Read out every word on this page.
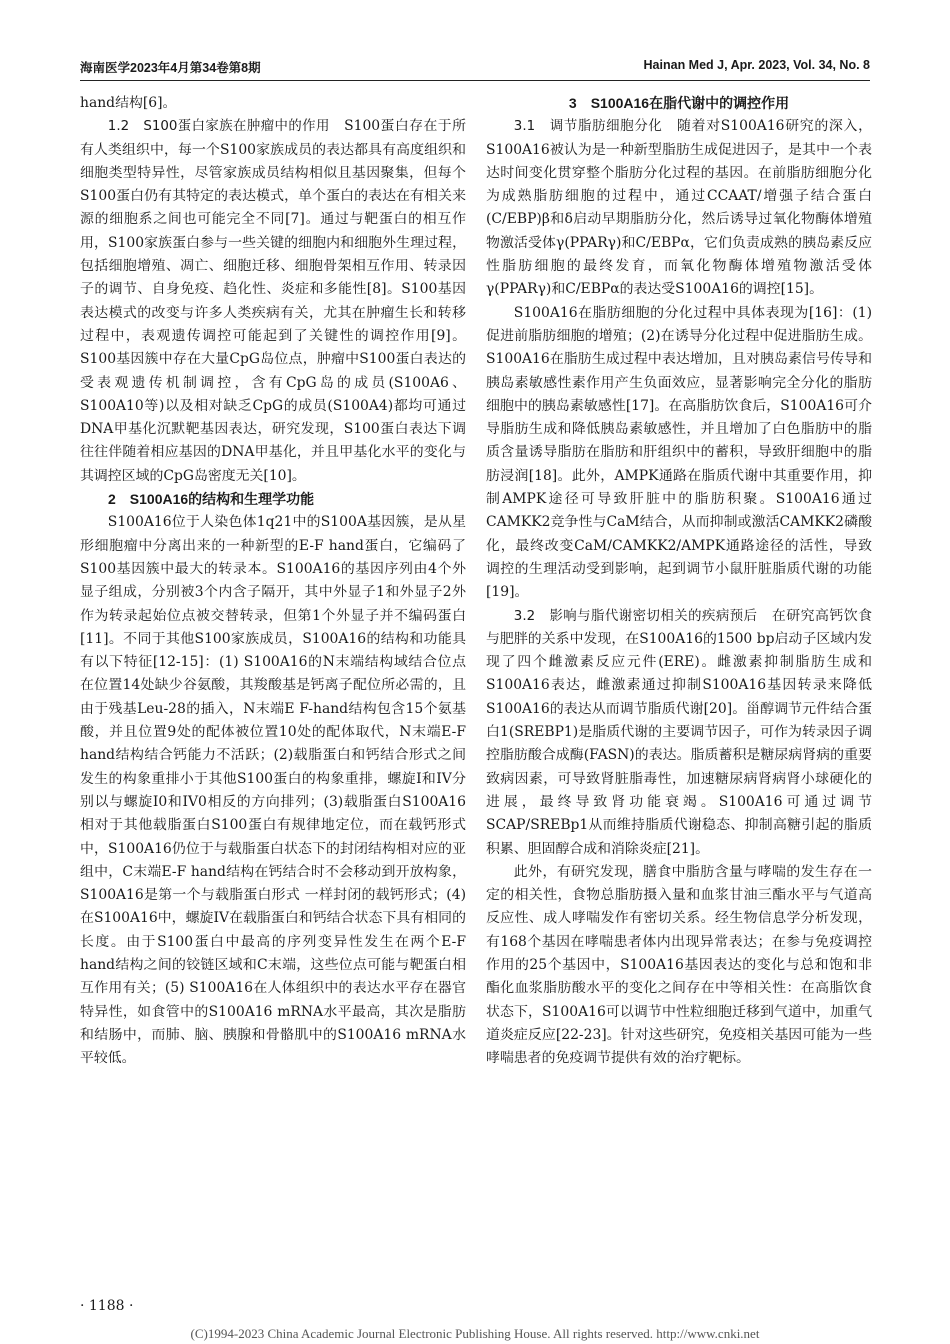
海南医学2023年4月第34卷第8期	Hainan Med J, Apr. 2023, Vol. 34, No. 8

hand结构[6]。

1.2　S100蛋白家族在肿瘤中的作用　 S100蛋白存在于所有人类组织中，每一个S100家族成员的表达都具有高度组织和细胞类型特异性，尽管家族成员结构相似且基因聚集，但每个S100蛋白仍有其特定的表达模式，单个蛋白的表达在有相关来源的细胞系之间也可能完全不同[7]。通过与靶蛋白的相互作用，S100家族蛋白参与一些关键的细胞内和细胞外生理过程，包括细胞增殖、凋亡、细胞迁移、细胞骨架相互作用、转录因子的调节、自身免疫、趋化性、炎症和多能性[8]。S100基因表达模式的改变与许多人类疾病有关，尤其在肿瘤生长和转移过程中，表观遗传调控可能起到了关键性的调控作用[9]。S100基因簇中存在大量CpG岛位点，肿瘤中S100蛋白表达的受表观遗传机制调控，含有CpG岛的成员(S100A6、S100A10等)以及相对缺乏CpG的成员(S100A4)都均可通过DNA甲基化沉默靶基因表达，研究发现，S100蛋白表达下调往往伴随着相应基因的DNA甲基化，并且甲基化水平的变化与其调控区域的CpG岛密度无关[10]。

2　S100A16的结构和生理学功能

S100A16位于人染色体1q21中的S100A基因簇，是从星形细胞瘤中分离出来的一种新型的E-F hand蛋白，它编码了S100基因簇中最大的转录本。S100A16的基因序列由4个外显子组成，分别被3个内含子隔开，其中外显子1和外显子2外作为转录起始位点被交替转录，但第1个外显子并不编码蛋白[11]。不同于其他S100家族成员，S100A16的结构和功能具有以下特征[12-15]：(1) S100A16的N末端结构域结合位点在位置14处缺少谷氨酸，其羧酸基是钙离子配位所必需的，且由于残基Leu-28的插入，N末端E F-hand结构包含15个氨基酸，并且位置9处的配体被位置10处的配体取代，N末端E-F hand结构结合钙能力不活跃；(2)载脂蛋白和钙结合形式之间发生的构象重排小于其他S100蛋白的构象重排，螺旋I和IV分别以与螺旋I0和IV0相反的方向排列；(3)载脂蛋白S100A16相对于其他载脂蛋白S100蛋白有规律地定位，而在载钙形式中，S100A16仍位于与载脂蛋白状态下的封闭结构相对应的亚组中，C末端E-F hand结构在钙结合时不会移动到开放构象，S100A16是第一个与载脂蛋白形式 一样封闭的载钙形式；(4)在S100A16中，螺旋IV在载脂蛋白和钙结合状态下具有相同的长度。由于S100蛋白中最高的序列变异性发生在两个E-F hand结构之间的铰链区域和C末端，这些位点可能与靶蛋白相互作用有关；(5) S100A16在人体组织中的表达水平存在器官特异性，如食管中的S100A16 mRNA水平最高，其次是脂肪和结肠中，而肺、脑、胰腺和骨骼肌中的S100A16 mRNA水平较低。

3　S100A16在脂代谢中的调控作用

3.1　调节脂肪细胞分化　 随着对S100A16研究的深入，S100A16被认为是一种新型脂肪生成促进因子，是其中一个表达时间变化贯穿整个脂肪分化过程的基因。在前脂肪细胞分化为成熟脂肪细胞的过程中，通过CCAAT/增强子结合蛋白(C/EBP)β和δ启动早期脂肪分化，然后诱导过氧化物酶体增殖物激活受体γ(PPARγ)和C/EBPα，它们负责成熟的胰岛素反应性脂肪细胞的最终发育，而氧化物酶体增殖物激活受体γ(PPARγ)和C/EBPα的表达受S100A16的调控[15]。

S100A16在脂肪细胞的分化过程中具体表现为[16]：(1)促进前脂肪细胞的增殖；(2)在诱导分化过程中促进脂肪生成。S100A16在脂肪生成过程中表达增加，且对胰岛素信号传导和胰岛素敏感性素作用产生负面效应，显著影响完全分化的脂肪细胞中的胰岛素敏感性[17]。在高脂肪饮食后，S100A16可介导脂肪生成和降低胰岛素敏感性，并且增加了白色脂肪中的脂质含量诱导脂肪在脂肪和肝组织中的蓄积，导致肝细胞中的脂肪浸润[18]。此外，AMPK通路在脂质代谢中其重要作用，抑制AMPK途径可导致肝脏中的脂肪积聚。S100A16通过CAMKK2竞争性与CaM结合，从而抑制或激活CAMKK2磷酸化，最终改变CaM/CAMKK2/AMPK通路途径的活性，导致调控的生理活动受到影响，起到调节小鼠肝脏脂质代谢的功能[19]。

3.2　影响与脂代谢密切相关的疾病预后　 在研究高钙饮食与肥胖的关系中发现，在S100A16的1500 bp启动子区域内发现了四个雌激素反应元件(ERE)。雌激素抑制脂肪生成和S100A16表达，雌激素通过抑制S100A16基因转录来降低S100A16的表达从而调节脂质代谢[20]。甾醇调节元件结合蛋白1(SREBP1)是脂质代谢的主要调节因子，可作为转录因子调控脂肪酸合成酶(FASN)的表达。脂质蓄积是糖尿病肾病的重要致病因素，可导致肾脏脂毒性，加速糖尿病肾病肾小球硬化的进展，最终导致肾功能衰竭。S100A16可通过调节SCAP/SREBp1从而维持脂质代谢稳态、抑制高糖引起的脂质积累、胆固醇合成和消除炎症[21]。

此外，有研究发现，膳食中脂肪含量与哮喘的发生存在一定的相关性，食物总脂肪摄入量和血浆甘油三酯水平与气道高反应性、成人哮喘发作有密切关系。经生物信息学分析发现，有168个基因在哮喘患者体内出现异常表达；在参与免疫调控作用的25个基因中，S100A16基因表达的变化与总和饱和非酯化血浆脂肪酸水平的变化之间存在中等相关性：在高脂饮食状态下，S100A16可以调节中性粒细胞迁移到气道中，加重气道炎症反应[22-23]。针对这些研究，免疫相关基因可能为一些哮喘患者的免疫调节提供有效的治疗靶标。

· 1188 ·
(C)1994-2023 China Academic Journal Electronic Publishing House. All rights reserved. http://www.cnki.net
